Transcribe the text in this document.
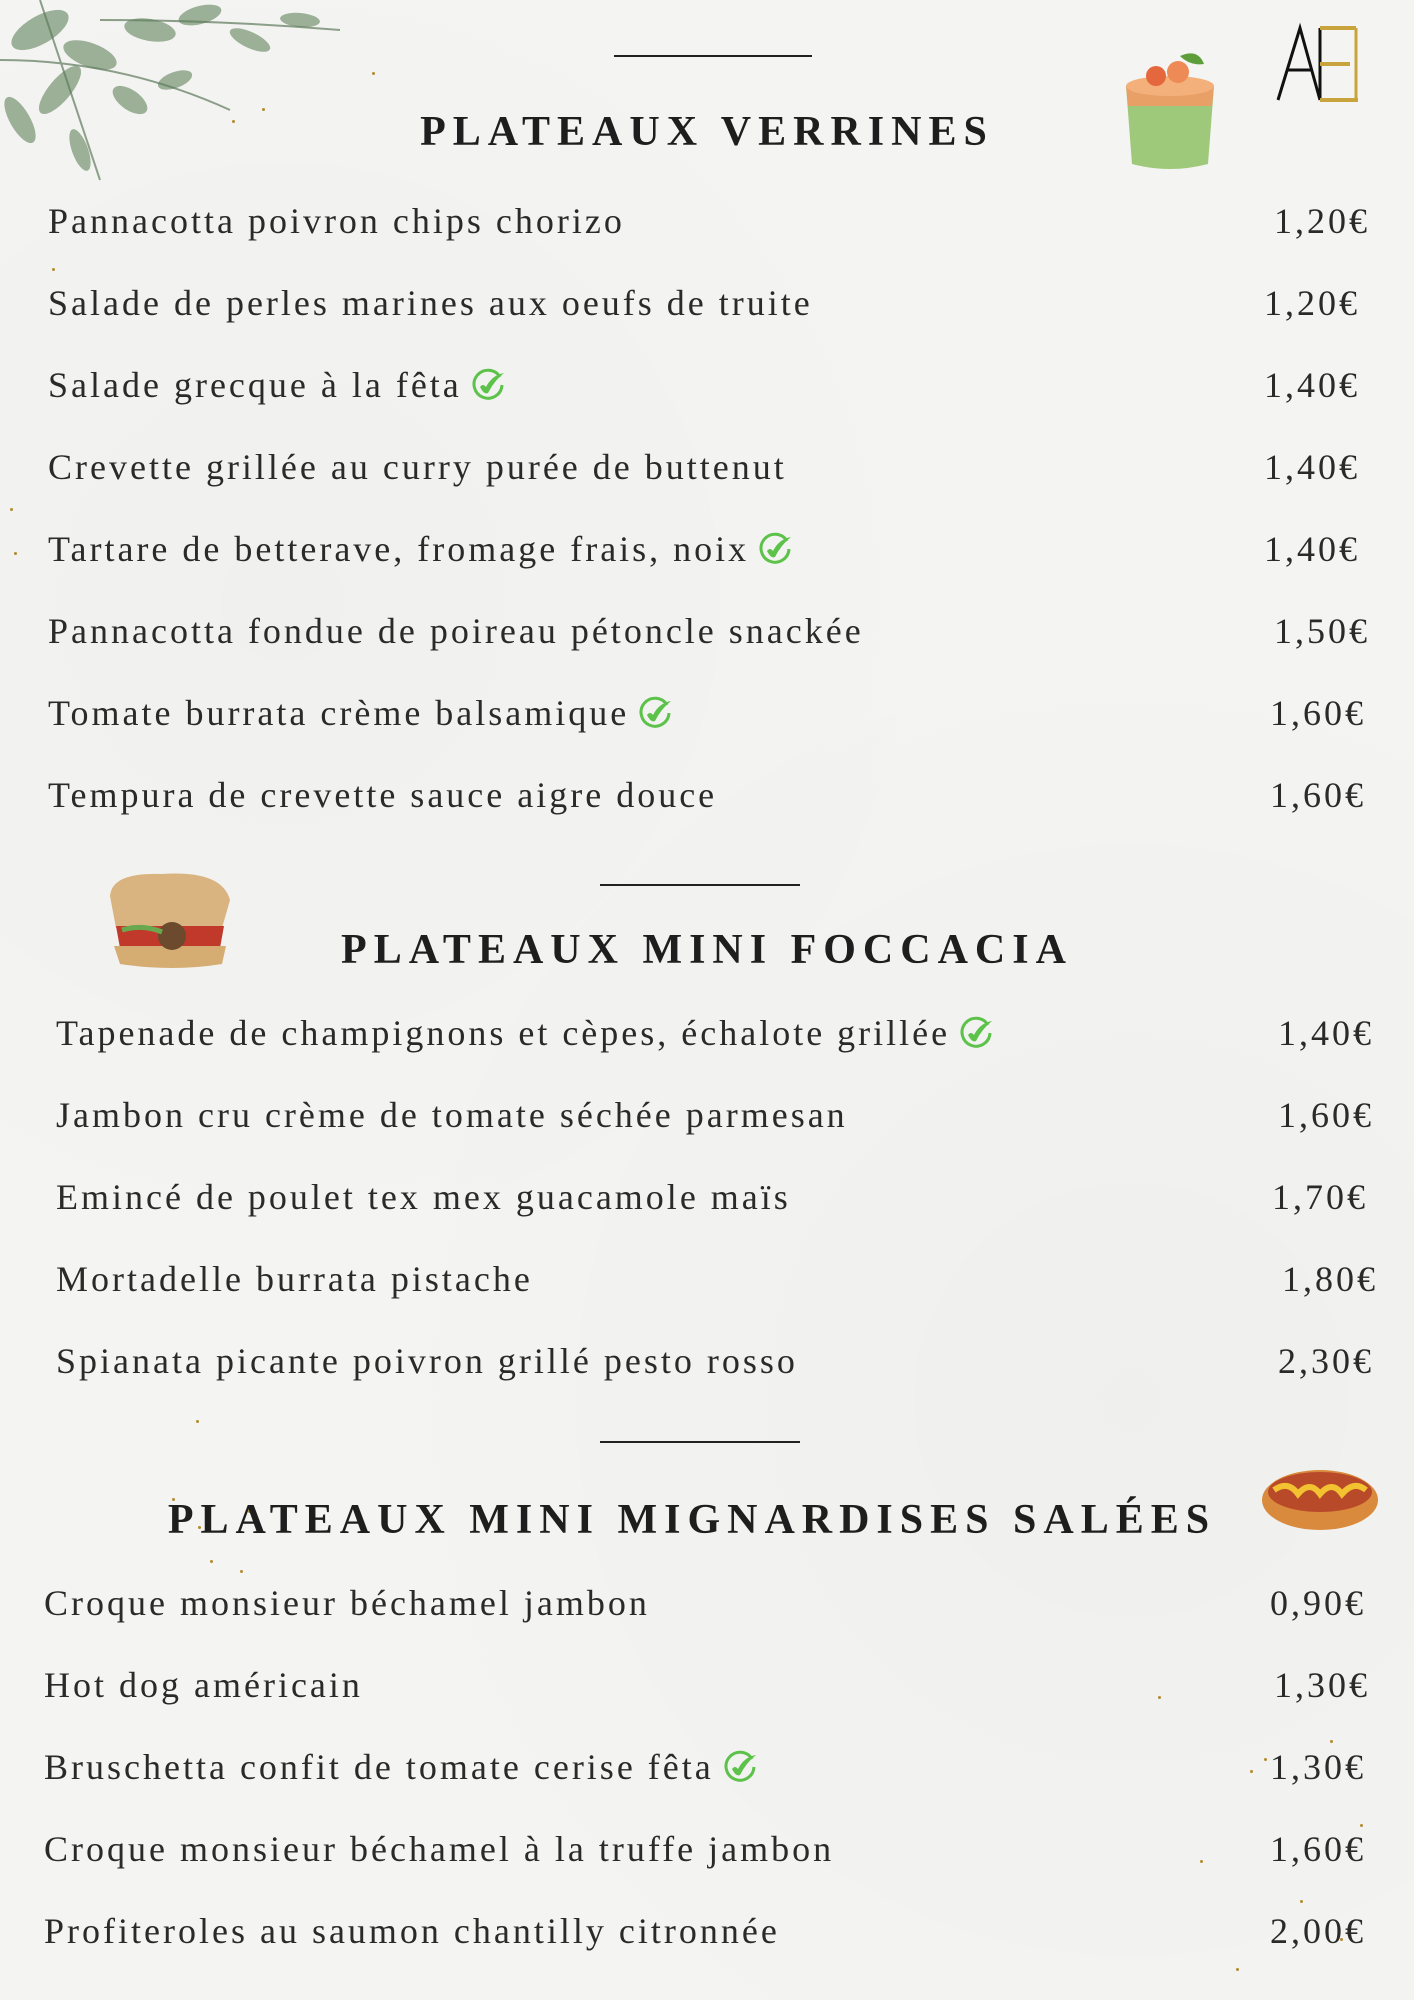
PLATEAUX VERRINES
Pannacotta poivron chips chorizo	1,20€
Salade de perles marines aux oeufs de truite	1,20€
Salade grecque à la fêta	1,40€
Crevette grillée au curry purée de buttenut	1,40€
Tartare de betterave, fromage frais, noix	1,40€
Pannacotta fondue de poireau pétoncle snackée	1,50€
Tomate burrata crème balsamique	1,60€
Tempura de crevette sauce aigre douce	1,60€
PLATEAUX MINI FOCCACIA
Tapenade de champignons et cèpes, échalote grillée	1,40€
Jambon cru crème de tomate séchée parmesan	1,60€
Emincé de poulet tex mex guacamole maïs	1,70€
Mortadelle burrata pistache	1,80€
Spianata picante poivron grillé pesto rosso	2,30€
PLATEAUX MINI MIGNARDISES SALÉES
Croque monsieur béchamel jambon	0,90€
Hot dog américain	1,30€
Bruschetta confit de tomate cerise fêta	1,30€
Croque monsieur béchamel à la truffe jambon	1,60€
Profiteroles au saumon chantilly citronnée	2,00€
